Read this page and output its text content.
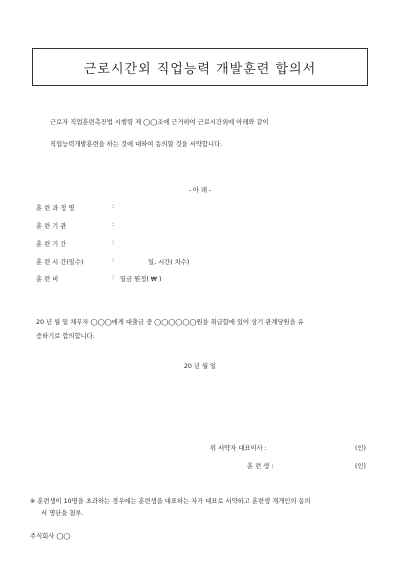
근로시간외 직업능력 개발훈련 합의서
근로자 직업훈련촉진법 시행령 제 ◯◯조에 근거하여 근로시간외에 아래와 같이
직업능력개발훈련을 하는 것에 대하여 동의할 것을 서약합니다.
- 아 래 -
훈 련 과 정 명	:
훈 련 기 관	:
훈 련 기 간	:
훈 련 시 간(일수)	:	일, 시간( 차수)
훈 련 비	: 일금 원정( ₩ )
20 년 월 일 채무자 ◯◯◯에게 대출금 중 ◯◯◯◯◯◯원을 취급함에 있어 상기 관계당원을 유
증하기로 합의합니다.
20 년 월 일
위 서약자 대표이사 :	(인)
훈 련 생 :	(인)
※ 훈련생이 10명을 초과하는 경우에는 훈련생을 대표하는 자가 대표로 서약하고 훈련생 개개인의 동의
서 명단을 첨부.
주식회사 ◯◯
